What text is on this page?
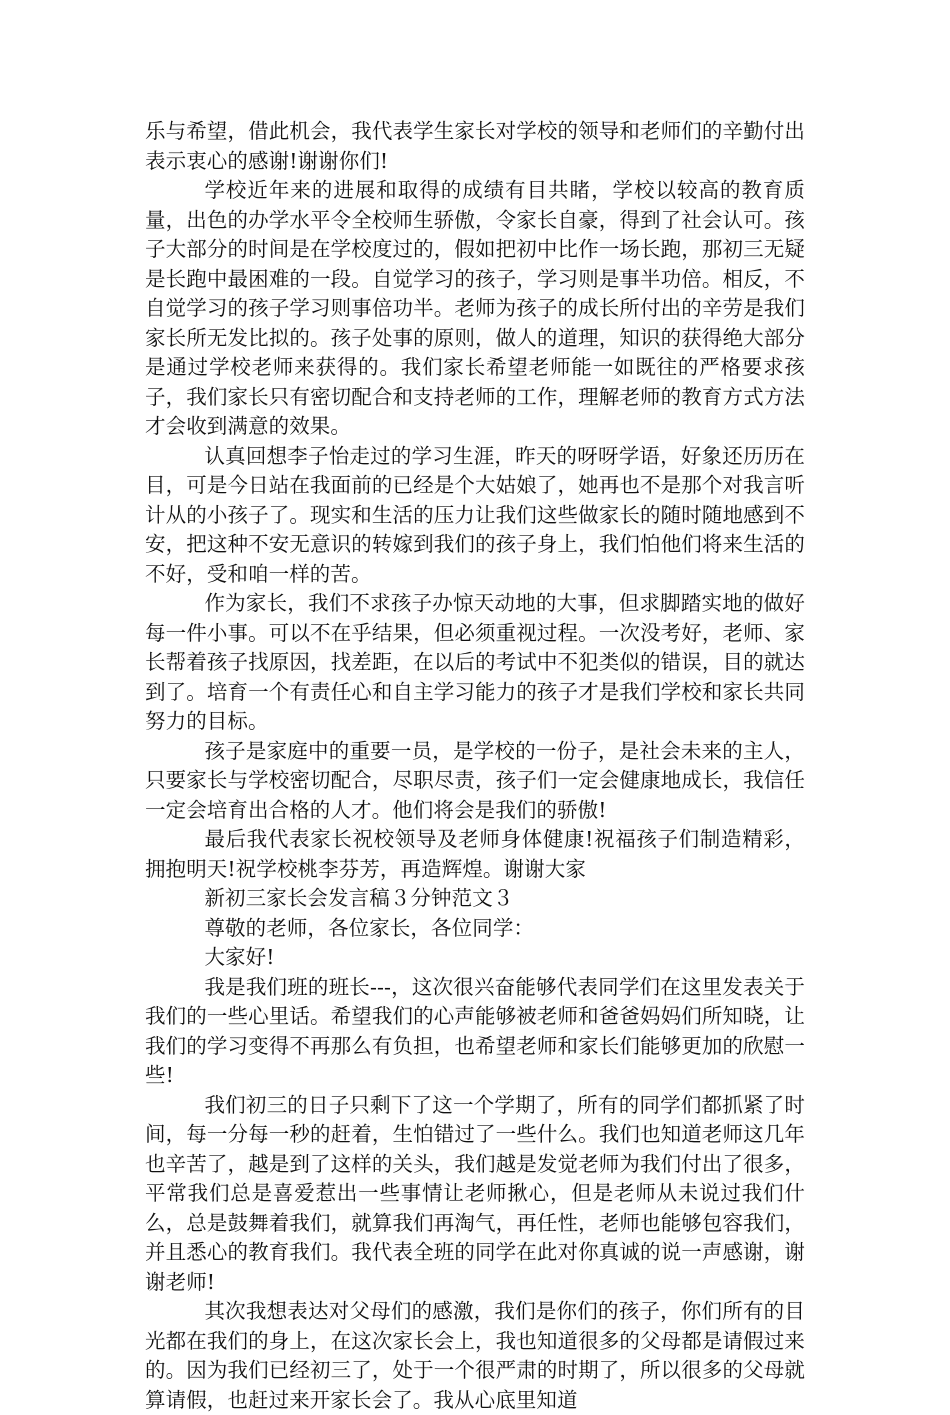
乐与希望，借此机会，我代表学生家长对学校的领导和老师们的辛勤付出表示衷心的感谢!谢谢你们!

学校近年来的进展和取得的成绩有目共睹，学校以较高的教育质量，出色的办学水平令全校师生骄傲，令家长自豪，得到了社会认可。孩子大部分的时间是在学校度过的，假如把初中比作一场长跑，那初三无疑是长跑中最困难的一段。自觉学习的孩子，学习则是事半功倍。相反，不自觉学习的孩子学习则事倍功半。老师为孩子的成长所付出的辛劳是我们家长所无发比拟的。孩子处事的原则，做人的道理，知识的获得绝大部分是通过学校老师来获得的。我们家长希望老师能一如既往的严格要求孩子，我们家长只有密切配合和支持老师的工作，理解老师的教育方式方法才会收到满意的效果。

认真回想李子怡走过的学习生涯，昨天的呀呀学语，好象还历历在目，可是今日站在我面前的已经是个大姑娘了，她再也不是那个对我言听计从的小孩子了。现实和生活的压力让我们这些做家长的随时随地感到不安，把这种不安无意识的转嫁到我们的孩子身上，我们怕他们将来生活的不好，受和咱一样的苦。

作为家长，我们不求孩子办惊天动地的大事，但求脚踏实地的做好每一件小事。可以不在乎结果，但必须重视过程。一次没考好，老师、家长帮着孩子找原因，找差距，在以后的考试中不犯类似的错误，目的就达到了。培育一个有责任心和自主学习能力的孩子才是我们学校和家长共同努力的目标。

孩子是家庭中的重要一员，是学校的一份子，是社会未来的主人，只要家长与学校密切配合，尽职尽责，孩子们一定会健康地成长，我信任一定会培育出合格的人才。他们将会是我们的骄傲!

最后我代表家长祝校领导及老师身体健康!祝福孩子们制造精彩，拥抱明天!祝学校桃李芬芳，再造辉煌。谢谢大家

新初三家长会发言稿３分钟范文３

尊敬的老师，各位家长，各位同学：

大家好!

我是我们班的班长---，这次很兴奋能够代表同学们在这里发表关于我们的一些心里话。希望我们的心声能够被老师和爸爸妈妈们所知晓，让我们的学习变得不再那么有负担，也希望老师和家长们能够更加的欣慰一些!

我们初三的日子只剩下了这一个学期了，所有的同学们都抓紧了时间，每一分每一秒的赶着，生怕错过了一些什么。我们也知道老师这几年也辛苦了，越是到了这样的关头，我们越是发觉老师为我们付出了很多，平常我们总是喜爱惹出一些事情让老师揪心，但是老师从未说过我们什么，总是鼓舞着我们，就算我们再淘气，再任性，老师也能够包容我们，并且悉心的教育我们。我代表全班的同学在此对你真诚的说一声感谢，谢谢老师!

其次我想表达对父母们的感激，我们是你们的孩子，你们所有的目光都在我们的身上，在这次家长会上，我也知道很多的父母都是请假过来的。因为我们已经初三了，处于一个很严肃的时期了，所以很多的父母就算请假，也赶过来开家长会了。我从心底里知道
